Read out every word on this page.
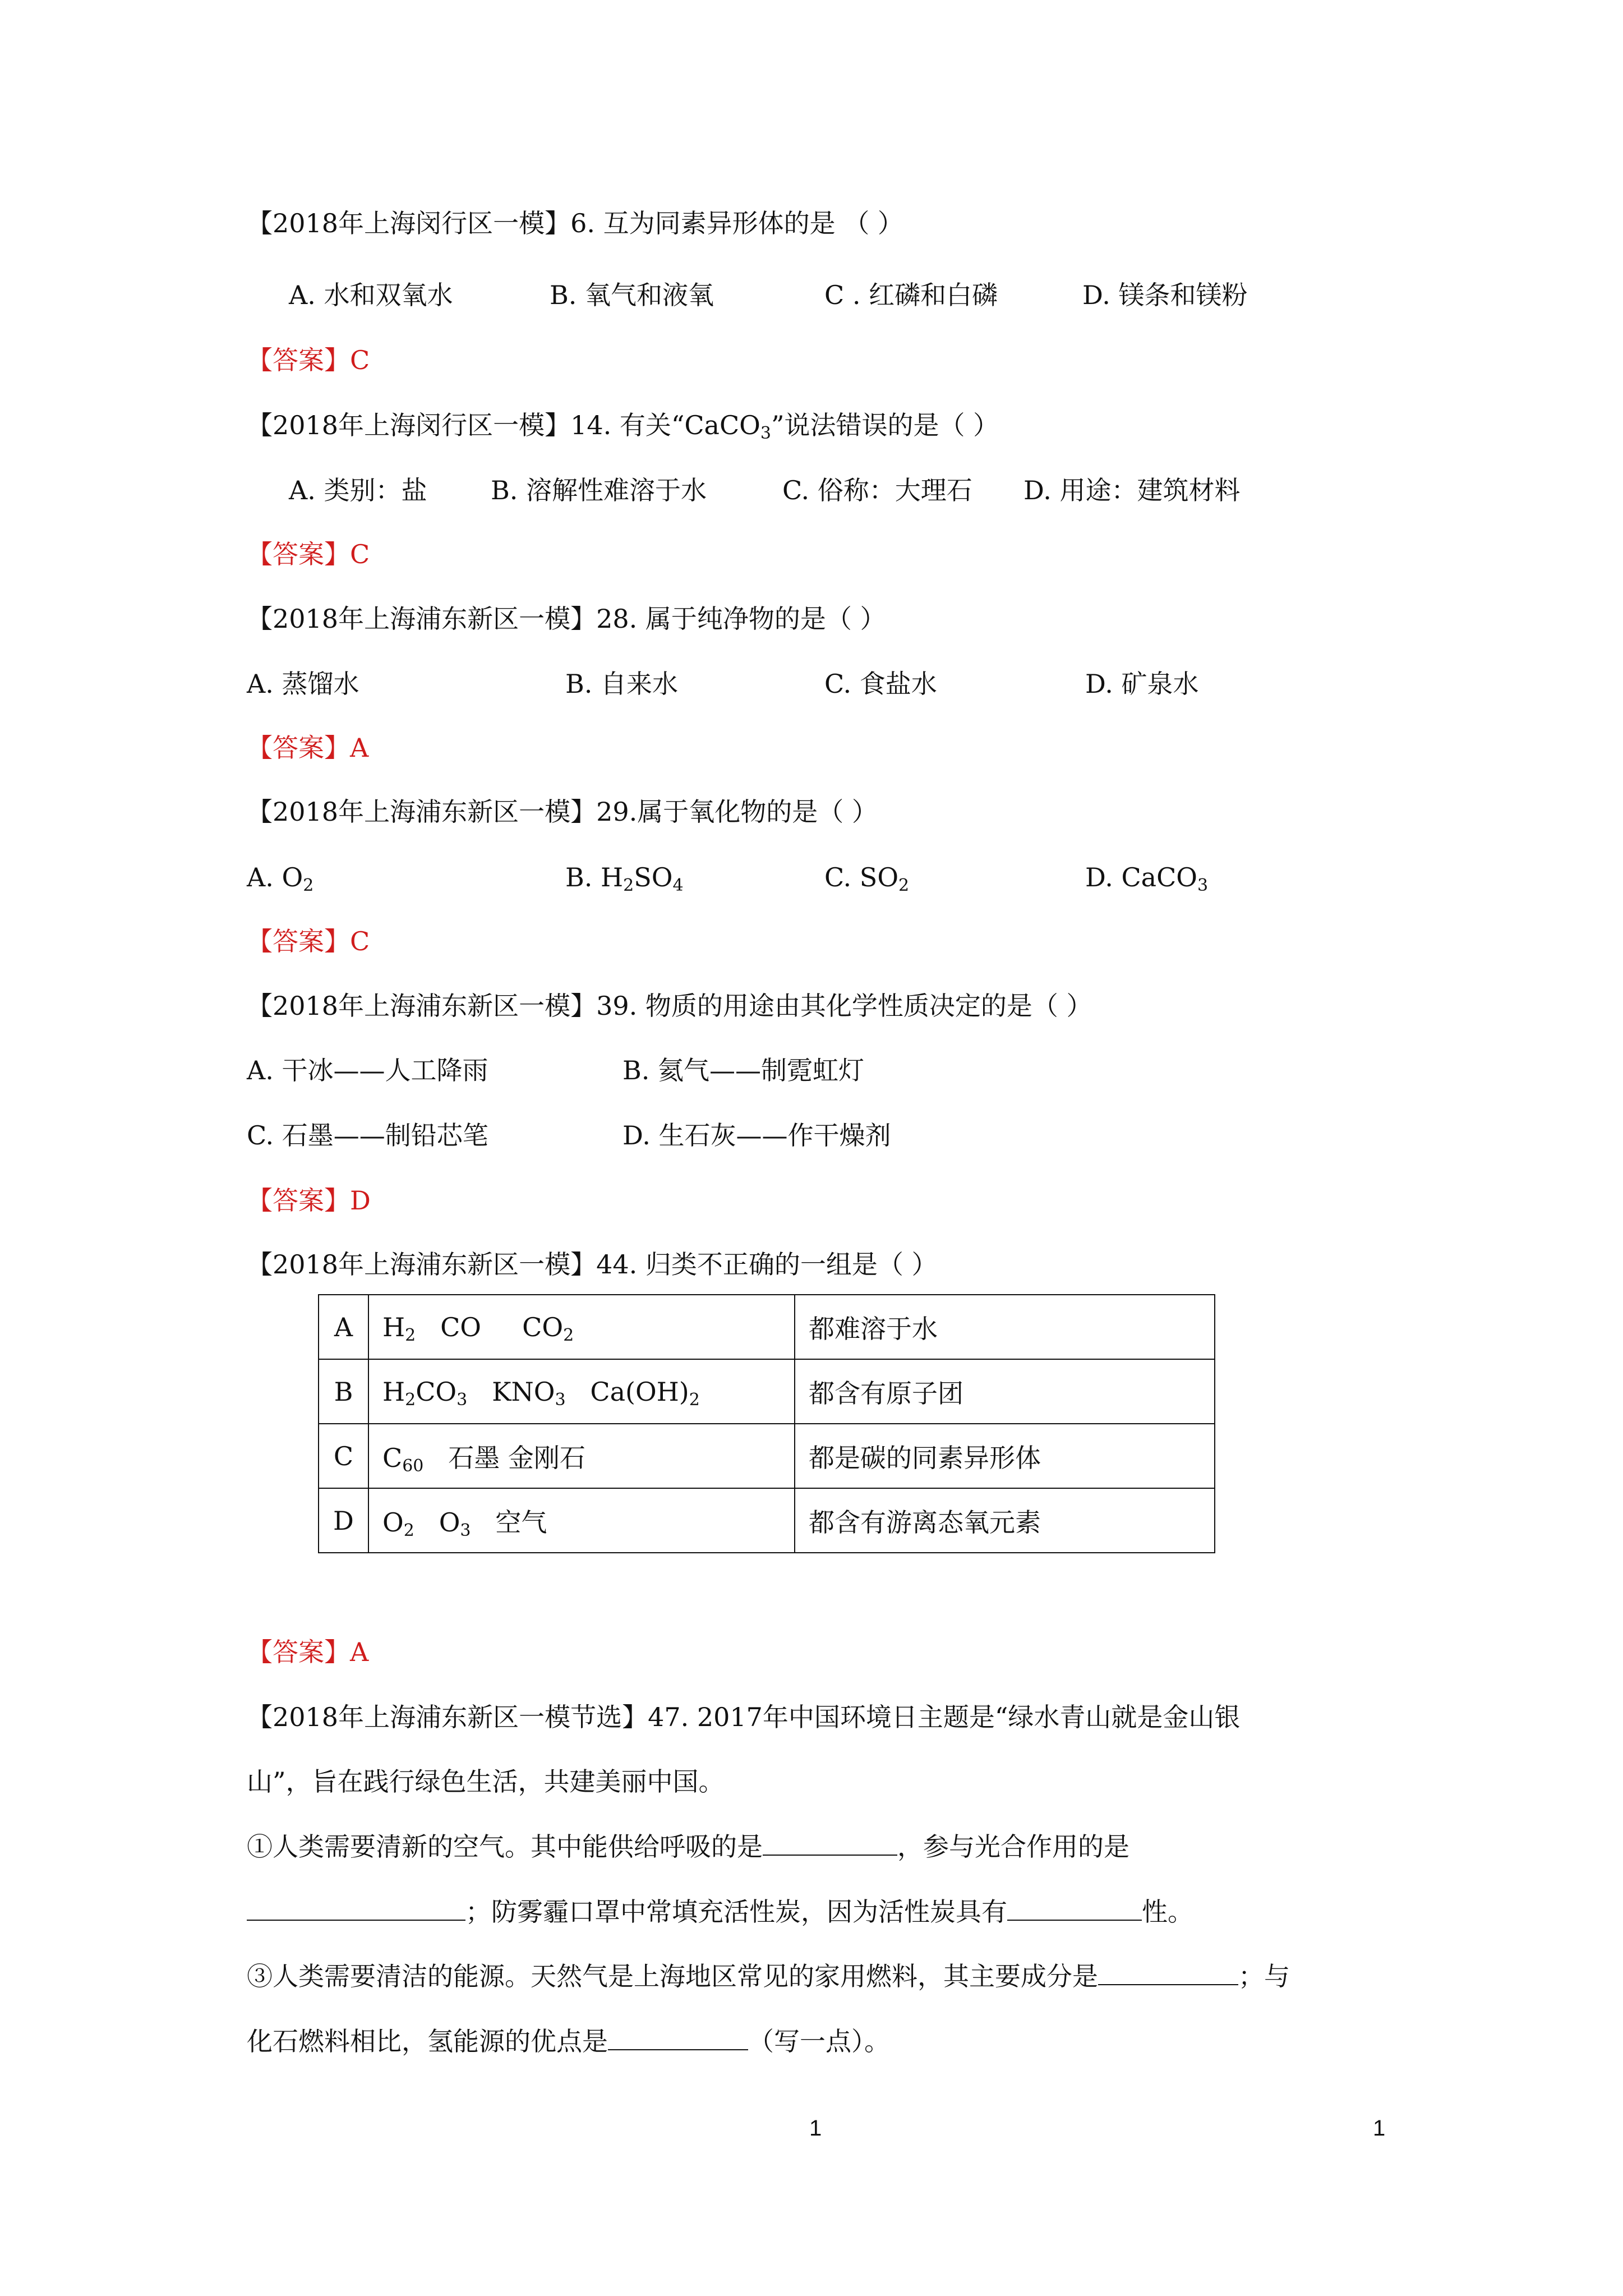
【2018年上海闵行区一模】6. 互为同素异形体的是 （ ）
A. 水和双氧水	B. 氧气和液氧	C . 红磷和白磷	D. 镁条和镁粉
【答案】C
【2018年上海闵行区一模】14. 有关“CaCO$_3$”说法错误的是（ ）
A. 类别：盐 B. 溶解性难溶于水	C. 俗称：大理石 D. 用途：建筑材料
【答案】C
【2018年上海浦东新区一模】28. 属于纯净物的是（ ）
A. 蒸馏水	B. 自来水	C. 食盐水	D. 矿泉水
【答案】A
【2018年上海浦东新区一模】29.属于氧化物的是（ ）
A. $O_2$	B. $H_2SO_4$	C. $SO_2$	D. CaCO$_3$
【答案】C
【2018年上海浦东新区一模】39. 物质的用途由其化学性质决定的是（ ）
A. 干冰——人工降雨	B. 氦气——制霓虹灯
C. 石墨——制铅芯笔	D. 生石灰——作干燥剂
【答案】D
【2018年上海浦东新区一模】44. 归类不正确的一组是（ ）
A	$H_2$ CO $CO_2$	都难溶于水
B	$H_2CO_3$ $KNO_3$ $Ca(OH)_2$	都含有原子团
C	$C_{60}$ 石墨 金刚石	都是碳的同素异形体
D	$O_2$ $O_3$ 空气	都含有游离态氧元素
【答案】A
【2018年上海浦东新区一模节选】47. 2017年中国环境日主题是“绿水青山就是金山银
山”，旨在践行绿色生活，共建美丽中国。
①人类需要清新的空气。其中能供给呼吸的是	，参与光合作用的是
；防雾霾口罩中常填充活性炭，因为活性炭具有	性。
③人类需要清洁的能源。天然气是上海地区常见的家用燃料，其主要成分是	；与
化石燃料相比，氢能源的优点是	（写一点）。
1	1
